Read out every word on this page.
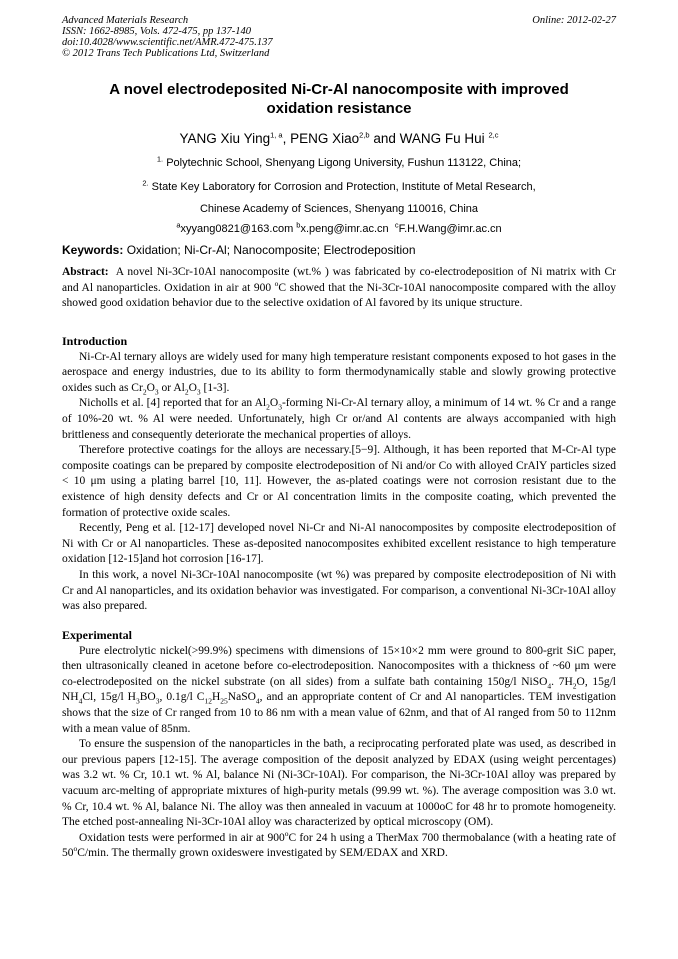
Advanced Materials Research
ISSN: 1662-8985, Vols. 472-475, pp 137-140
doi:10.4028/www.scientific.net/AMR.472-475.137
© 2012 Trans Tech Publications Ltd, Switzerland
Online: 2012-02-27
A novel electrodeposited Ni-Cr-Al nanocomposite with improved
oxidation resistance
YANG Xiu Ying$^{1, a}$, PENG Xiao$^{2,b}$ and WANG Fu Hui $^{2,c}$
$^{1.}$ Polytechnic School, Shenyang Ligong University, Fushun 113122, China;
$^{2.}$ State Key Laboratory for Corrosion and Protection, Institute of Metal Research,
Chinese Academy of Sciences, Shenyang 110016, China
$^a$xyyang0821@163.com $^b$x.peng@imr.ac.cn $^c$F.H.Wang@imr.ac.cn
Keywords: Oxidation; Ni-Cr-Al; Nanocomposite; Electrodeposition

Abstract: A novel Ni-3Cr-10Al nanocomposite (wt.% ) was fabricated by co-electrodeposition of Ni matrix with Cr and Al nanoparticles. Oxidation in air at 900 $^o$C showed that the Ni-3Cr-10Al nanocomposite compared with the alloy showed good oxidation behavior due to the selective oxidation of Al favored by its unique structure.

Introduction

Ni-Cr-Al ternary alloys are widely used for many high temperature resistant components exposed to hot gases in the aerospace and energy industries, due to its ability to form thermodynamically stable and slowly growing protective oxides such as $Cr_2O_3$ or $Al_2O_3$ [1-3].

Nicholls et al. [4] reported that for an $Al_2O_3$-forming Ni-Cr-Al ternary alloy, a minimum of 14 wt. % Cr and a range of 10%-20 wt. % Al were needed. Unfortunately, high Cr or/and Al contents are always accompanied with high brittleness and consequently deteriorate the mechanical properties of alloys.

Therefore protective coatings for the alloys are necessary.[5−9]. Although, it has been reported that M-Cr-Al type composite coatings can be prepared by composite electrodeposition of Ni and/or Co with alloyed CrAlY particles sized < 10 μm using a plating barrel [10, 11]. However, the as-plated coatings were not corrosion resistant due to the existence of high density defects and Cr or Al concentration limits in the composite coating, which prevented the formation of protective oxide scales.

Recently, Peng et al. [12-17] developed novel Ni-Cr and Ni-Al nanocomposites by composite electrodeposition of Ni with Cr or Al nanoparticles. These as-deposited nanocomposites exhibited excellent resistance to high temperature oxidation [12-15]and hot corrosion [16-17].

In this work, a novel Ni-3Cr-10Al nanocomposite (wt %) was prepared by composite electrodeposition of Ni with Cr and Al nanoparticles, and its oxidation behavior was investigated. For comparison, a conventional Ni-3Cr-10Al alloy was also prepared.

Experimental

Pure electrolytic nickel(>99.9%) specimens with dimensions of 15×10×2 mm were ground to 800-grit SiC paper, then ultrasonically cleaned in acetone before co-electrodeposition. Nanocomposites with a thickness of ~60 μm were co-electrodeposited on the nickel substrate (on all sides) from a sulfate bath containing 150g/l NiSO$_4$. $7H_2O$, 15g/l $NH_4Cl$, 15g/l $H_3BO_3$, 0.1g/l $C_{12}H_{25}NaSO_4$, and an appropriate content of Cr and Al nanoparticles. TEM investigation shows that the size of Cr ranged from 10 to 86 nm with a mean value of 62nm, and that of Al ranged from 50 to 112nm with a mean value of 85nm.

To ensure the suspension of the nanoparticles in the bath, a reciprocating perforated plate was used, as described in our previous papers [12-15]. The average composition of the deposit analyzed by EDAX (using weight percentages) was 3.2 wt. % Cr, 10.1 wt. % Al, balance Ni (Ni-3Cr-10Al). For comparison, the Ni-3Cr-10Al alloy was prepared by vacuum arc-melting of appropriate mixtures of high-purity metals (99.99 wt. %). The average composition was 3.0 wt. % Cr, 10.4 wt. % Al, balance Ni. The alloy was then annealed in vacuum at 1000oC for 48 hr to promote homogeneity. The etched post-annealing Ni-3Cr-10Al alloy was characterized by optical microscopy (OM).

Oxidation tests were performed in air at 900$^o$C for 24 h using a TherMax 700 thermobalance (with a heating rate of 50$^o$C/min. The thermally grown oxideswere investigated by SEM/EDAX and XRD.
